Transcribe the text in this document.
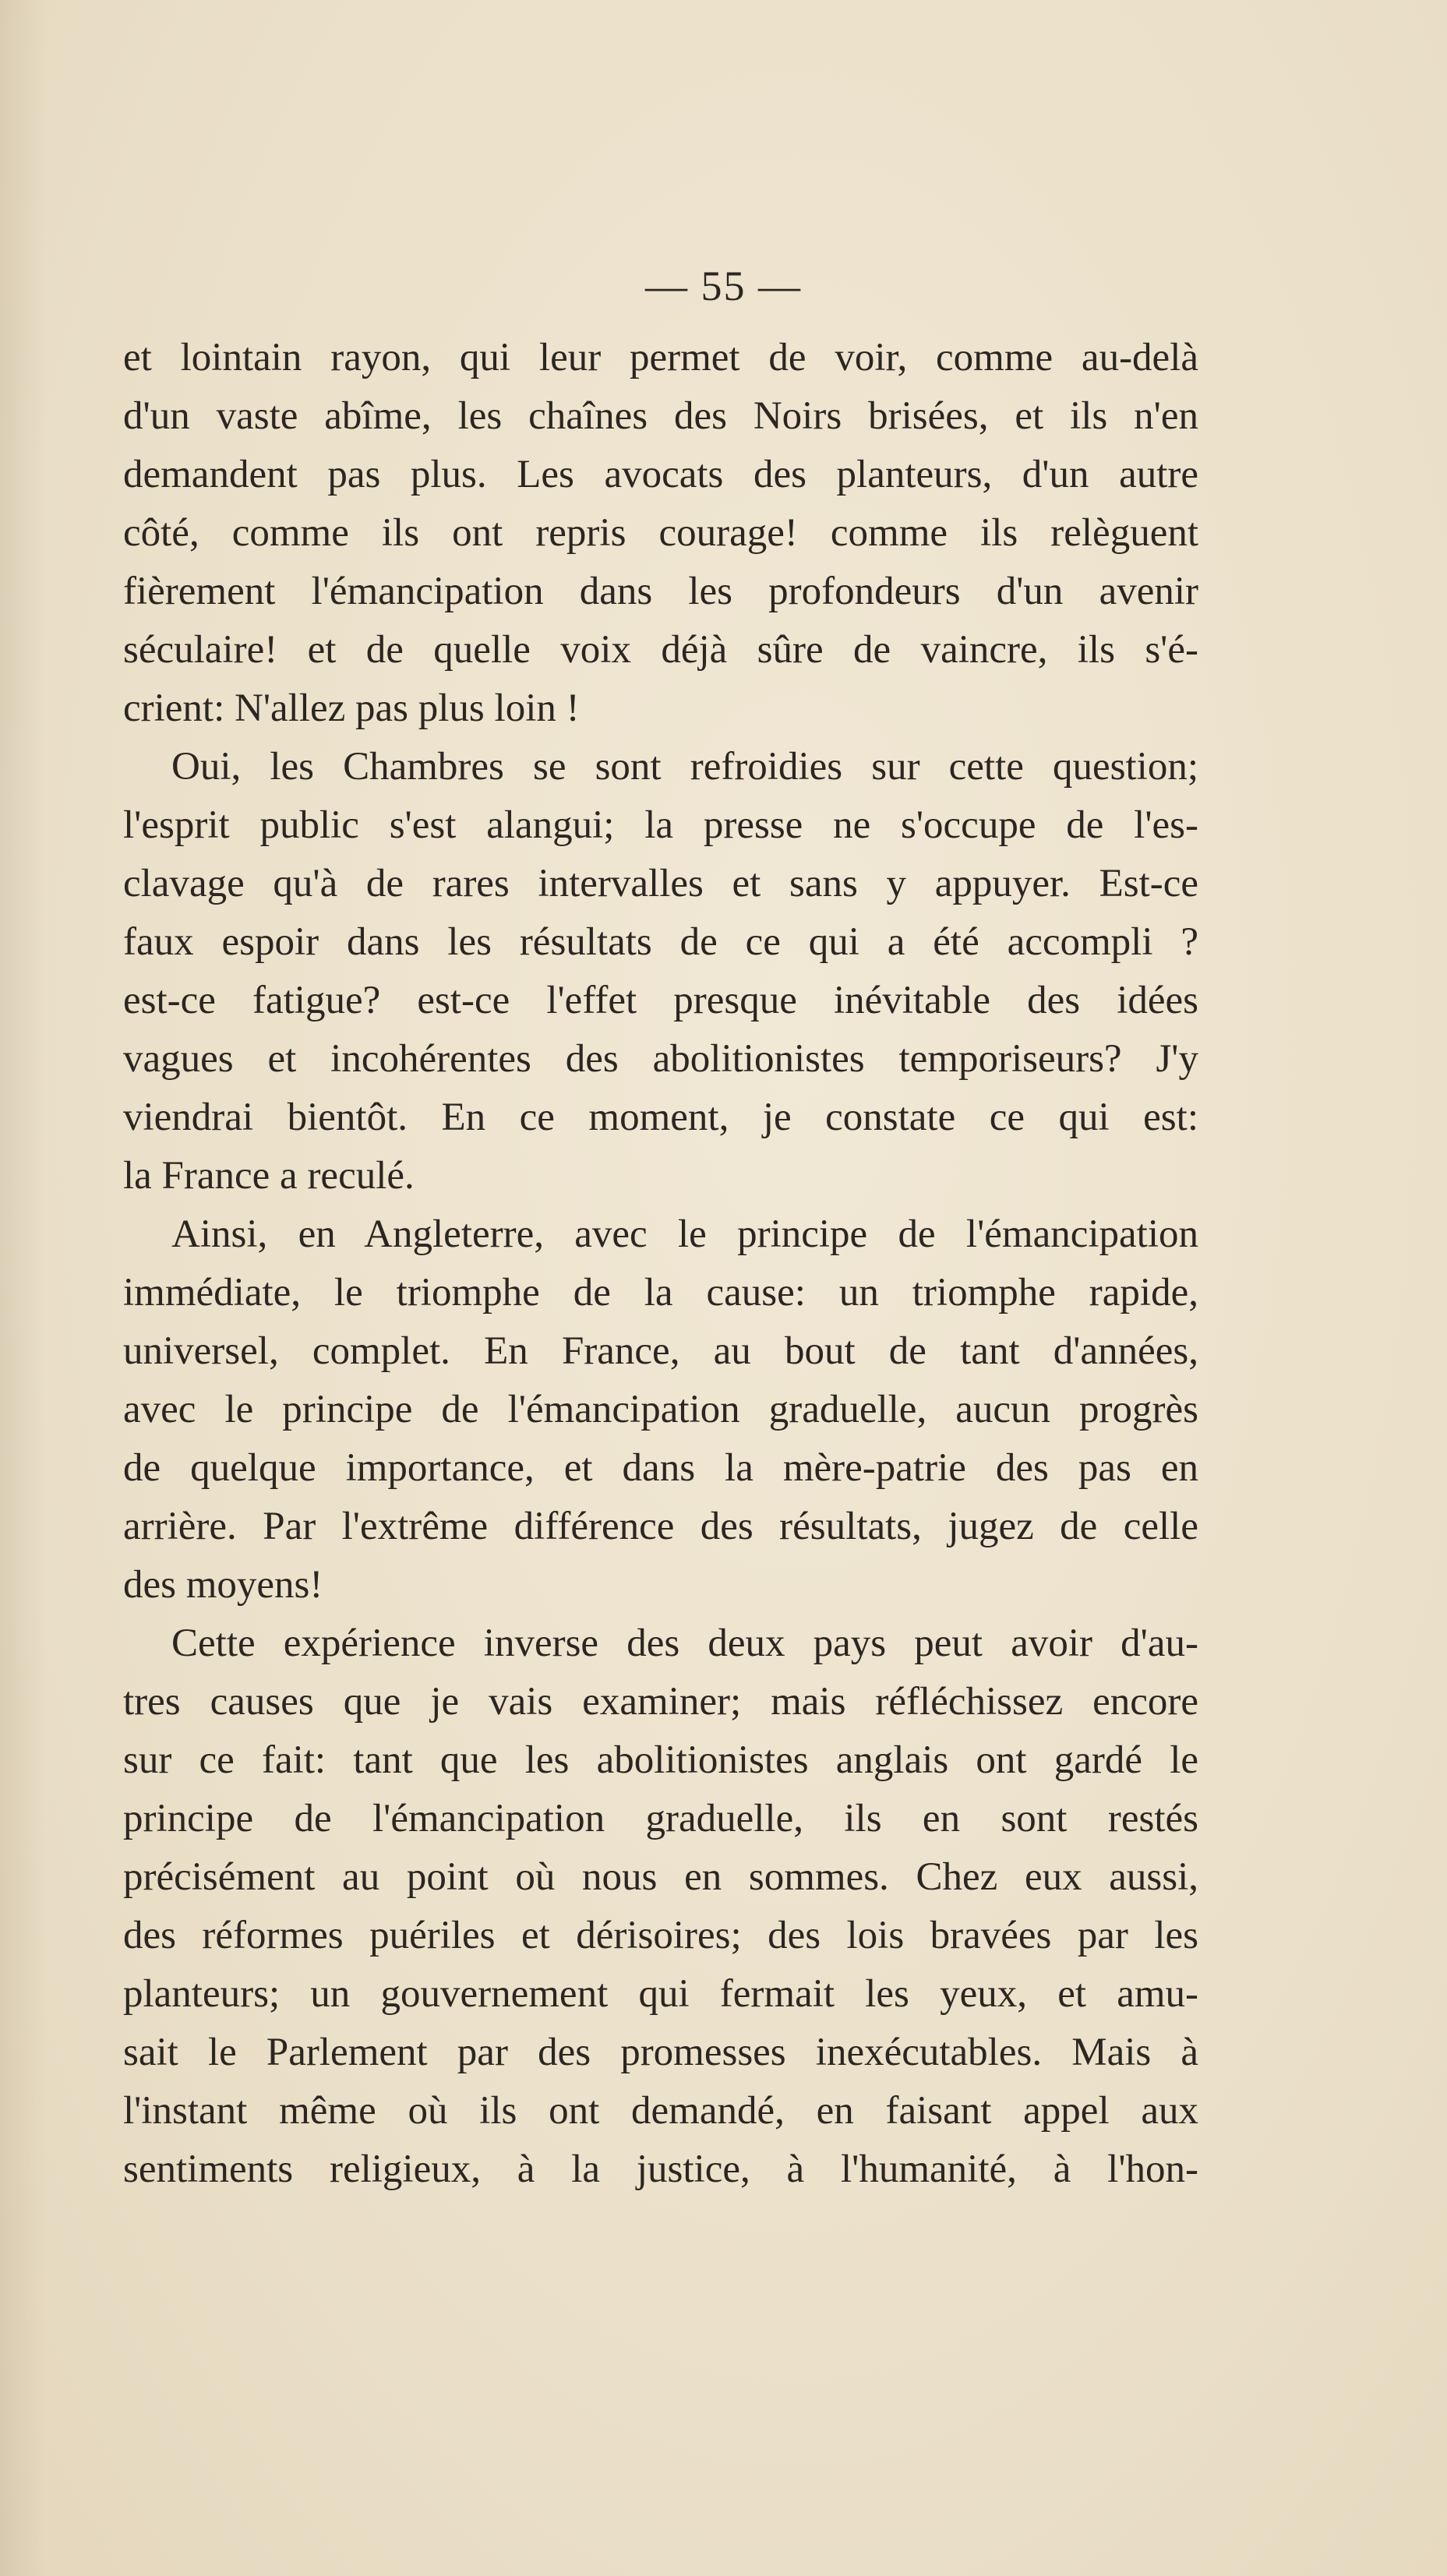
— 55 —
et lointain rayon, qui leur permet de voir, comme au-delà
d'un vaste abîme, les chaînes des Noirs brisées, et ils n'en
demandent pas plus. Les avocats des planteurs, d'un autre
côté, comme ils ont repris courage! comme ils relèguent
fièrement l'émancipation dans les profondeurs d'un avenir
séculaire! et de quelle voix déjà sûre de vaincre, ils s'é-
crient: N'allez pas plus loin !
Oui, les Chambres se sont refroidies sur cette question;
l'esprit public s'est alangui; la presse ne s'occupe de l'es-
clavage qu'à de rares intervalles et sans y appuyer. Est-ce
faux espoir dans les résultats de ce qui a été accompli ?
est-ce fatigue? est-ce l'effet presque inévitable des idées
vagues et incohérentes des abolitionistes temporiseurs? J'y
viendrai bientôt. En ce moment, je constate ce qui est:
la France a reculé.
Ainsi, en Angleterre, avec le principe de l'émancipation
immédiate, le triomphe de la cause: un triomphe rapide,
universel, complet. En France, au bout de tant d'années,
avec le principe de l'émancipation graduelle, aucun progrès
de quelque importance, et dans la mère-patrie des pas en
arrière. Par l'extrême différence des résultats, jugez de celle
des moyens!
Cette expérience inverse des deux pays peut avoir d'au-
tres causes que je vais examiner; mais réfléchissez encore
sur ce fait: tant que les abolitionistes anglais ont gardé le
principe de l'émancipation graduelle, ils en sont restés
précisément au point où nous en sommes. Chez eux aussi,
des réformes puériles et dérisoires; des lois bravées par les
planteurs; un gouvernement qui fermait les yeux, et amu-
sait le Parlement par des promesses inexécutables. Mais à
l'instant même où ils ont demandé, en faisant appel aux
sentiments religieux, à la justice, à l'humanité, à l'hon-
